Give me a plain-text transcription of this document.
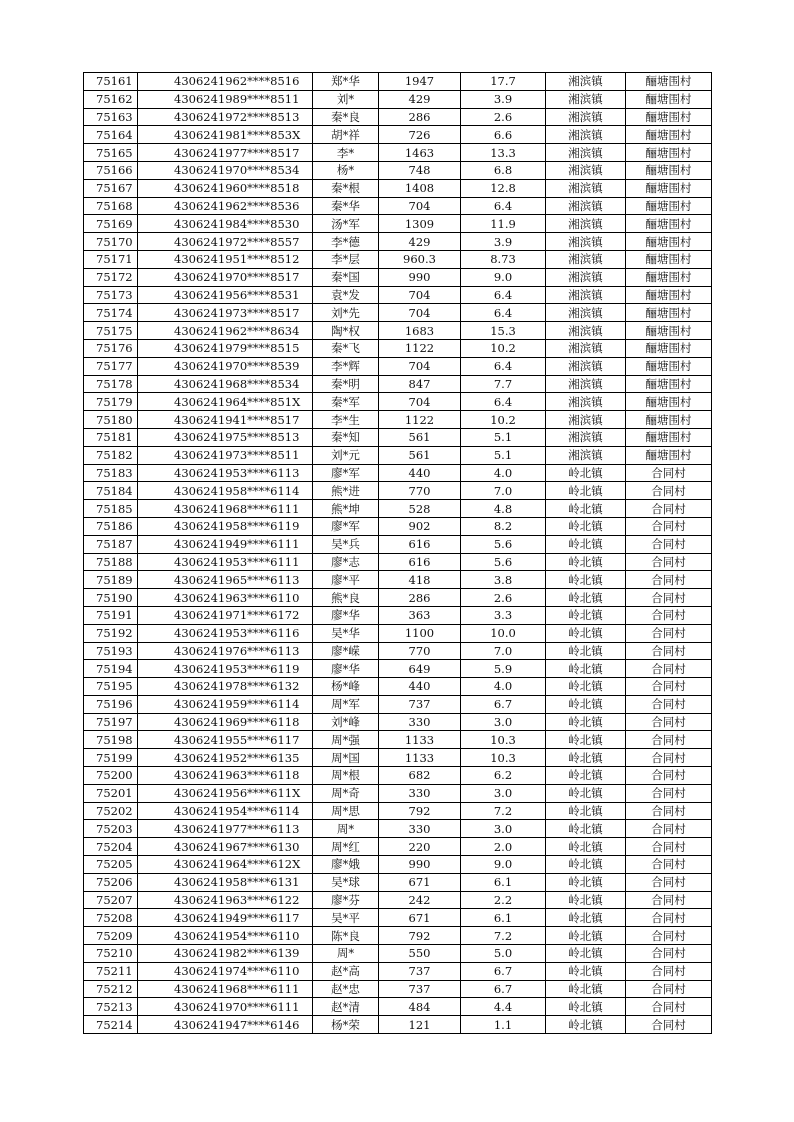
75161	4306241962****8516	郑*华	1947	17.7	湘滨镇	酾塘围村
75162	4306241989****8511	刘*	429	3.9	湘滨镇	酾塘围村
75163	4306241972****8513	秦*良	286	2.6	湘滨镇	酾塘围村
75164	4306241981****853X	胡*祥	726	6.6	湘滨镇	酾塘围村
75165	4306241977****8517	李*	1463	13.3	湘滨镇	酾塘围村
75166	4306241970****8534	杨*	748	6.8	湘滨镇	酾塘围村
75167	4306241960****8518	秦*根	1408	12.8	湘滨镇	酾塘围村
75168	4306241962****8536	秦*华	704	6.4	湘滨镇	酾塘围村
75169	4306241984****8530	汤*军	1309	11.9	湘滨镇	酾塘围村
75170	4306241972****8557	李*德	429	3.9	湘滨镇	酾塘围村
75171	4306241951****8512	李*层	960.3	8.73	湘滨镇	酾塘围村
75172	4306241970****8517	秦*国	990	9.0	湘滨镇	酾塘围村
75173	4306241956****8531	袁*发	704	6.4	湘滨镇	酾塘围村
75174	4306241973****8517	刘*先	704	6.4	湘滨镇	酾塘围村
75175	4306241962****8634	陶*权	1683	15.3	湘滨镇	酾塘围村
75176	4306241979****8515	秦*飞	1122	10.2	湘滨镇	酾塘围村
75177	4306241970****8539	李*辉	704	6.4	湘滨镇	酾塘围村
75178	4306241968****8534	秦*明	847	7.7	湘滨镇	酾塘围村
75179	4306241964****851X	秦*军	704	6.4	湘滨镇	酾塘围村
75180	4306241941****8517	李*生	1122	10.2	湘滨镇	酾塘围村
75181	4306241975****8513	秦*知	561	5.1	湘滨镇	酾塘围村
75182	4306241973****8511	刘*元	561	5.1	湘滨镇	酾塘围村
75183	4306241953****6113	廖*军	440	4.0	岭北镇	合同村
75184	4306241958****6114	熊*进	770	7.0	岭北镇	合同村
75185	4306241968****6111	熊*坤	528	4.8	岭北镇	合同村
75186	4306241958****6119	廖*军	902	8.2	岭北镇	合同村
75187	4306241949****6111	吴*兵	616	5.6	岭北镇	合同村
75188	4306241953****6111	廖*志	616	5.6	岭北镇	合同村
75189	4306241965****6113	廖*平	418	3.8	岭北镇	合同村
75190	4306241963****6110	熊*良	286	2.6	岭北镇	合同村
75191	4306241971****6172	廖*华	363	3.3	岭北镇	合同村
75192	4306241953****6116	吴*华	1100	10.0	岭北镇	合同村
75193	4306241976****6113	廖*嵘	770	7.0	岭北镇	合同村
75194	4306241953****6119	廖*华	649	5.9	岭北镇	合同村
75195	4306241978****6132	杨*峰	440	4.0	岭北镇	合同村
75196	4306241959****6114	周*军	737	6.7	岭北镇	合同村
75197	4306241969****6118	刘*峰	330	3.0	岭北镇	合同村
75198	4306241955****6117	周*强	1133	10.3	岭北镇	合同村
75199	4306241952****6135	周*国	1133	10.3	岭北镇	合同村
75200	4306241963****6118	周*根	682	6.2	岭北镇	合同村
75201	4306241956****611X	周*奇	330	3.0	岭北镇	合同村
75202	4306241954****6114	周*思	792	7.2	岭北镇	合同村
75203	4306241977****6113	周*	330	3.0	岭北镇	合同村
75204	4306241967****6130	周*红	220	2.0	岭北镇	合同村
75205	4306241964****612X	廖*娥	990	9.0	岭北镇	合同村
75206	4306241958****6131	吴*球	671	6.1	岭北镇	合同村
75207	4306241963****6122	廖*芬	242	2.2	岭北镇	合同村
75208	4306241949****6117	吴*平	671	6.1	岭北镇	合同村
75209	4306241954****6110	陈*良	792	7.2	岭北镇	合同村
75210	4306241982****6139	周*	550	5.0	岭北镇	合同村
75211	4306241974****6110	赵*高	737	6.7	岭北镇	合同村
75212	4306241968****6111	赵*忠	737	6.7	岭北镇	合同村
75213	4306241970****6111	赵*清	484	4.4	岭北镇	合同村
75214	4306241947****6146	杨*荣	121	1.1	岭北镇	合同村
